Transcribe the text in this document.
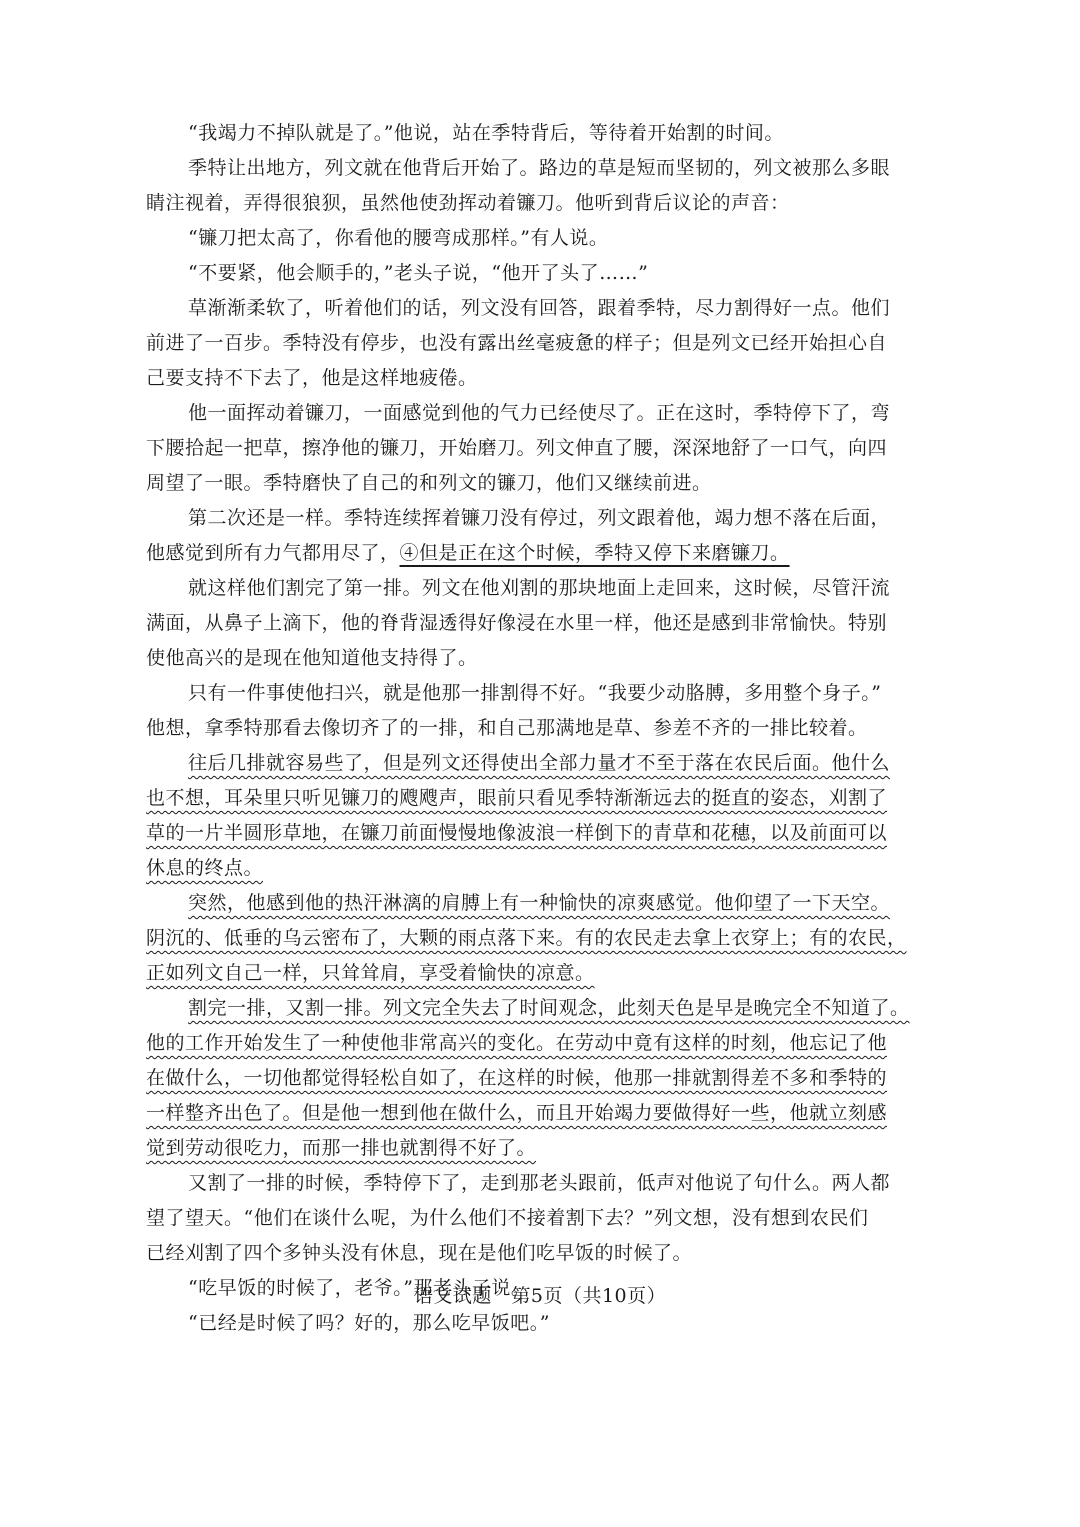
“我竭力不掉队就是了。”他说，站在季特背后，等待着开始割的时间。
季特让出地方，列文就在他背后开始了。路边的草是短而坚韧的，列文被那么多眼
睛注视着，弄得很狼狈，虽然他使劲挥动着镰刀。他听到背后议论的声音：
“镰刀把太高了，你看他的腰弯成那样。”有人说。
“不要紧，他会顺手的，”老头子说，“他开了头了……”
草渐渐柔软了，听着他们的话，列文没有回答，跟着季特，尽力割得好一点。他们
前进了一百步。季特没有停步，也没有露出丝毫疲惫的样子；但是列文已经开始担心自
己要支持不下去了，他是这样地疲倦。
他一面挥动着镰刀，一面感觉到他的气力已经使尽了。正在这时，季特停下了，弯
下腰拾起一把草，擦净他的镰刀，开始磨刀。列文伸直了腰，深深地舒了一口气，向四
周望了一眼。季特磨快了自己的和列文的镰刀，他们又继续前进。
第二次还是一样。季特连续挥着镰刀没有停过，列文跟着他，竭力想不落在后面，
他感觉到所有力气都用尽了，④但是正在这个时候，季特又停下来磨镰刀。
就这样他们割完了第一排。列文在他刈割的那块地面上走回来，这时候，尽管汗流
满面，从鼻子上滴下，他的脊背湿透得好像浸在水里一样，他还是感到非常愉快。特别
使他高兴的是现在他知道他支持得了。
只有一件事使他扫兴，就是他那一排割得不好。“我要少动胳膊，多用整个身子。”
他想，拿季特那看去像切齐了的一排，和自己那满地是草、参差不齐的一排比较着。
往后几排就容易些了，但是列文还得使出全部力量才不至于落在农民后面。他什么
也不想，耳朵里只听见镰刀的飕飕声，眼前只看见季特渐渐远去的挺直的姿态，刈割了
草的一片半圆形草地，在镰刀前面慢慢地像波浪一样倒下的青草和花穗，以及前面可以
休息的终点。
突然，他感到他的热汗淋漓的肩膊上有一种愉快的凉爽感觉。他仰望了一下天空。
阴沉的、低垂的乌云密布了，大颗的雨点落下来。有的农民走去拿上衣穿上；有的农民，
正如列文自己一样，只耸耸肩，享受着愉快的凉意。
割完一排，又割一排。列文完全失去了时间观念，此刻天色是早是晚完全不知道了。
他的工作开始发生了一种使他非常高兴的变化。在劳动中竟有这样的时刻，他忘记了他
在做什么，一切他都觉得轻松自如了，在这样的时候，他那一排就割得差不多和季特的
一样整齐出色了。但是他一想到他在做什么，而且开始竭力要做得好一些，他就立刻感
觉到劳动很吃力，而那一排也就割得不好了。
又割了一排的时候，季特停下了，走到那老头跟前，低声对他说了句什么。两人都
望了望天。“他们在谈什么呢，为什么他们不接着割下去？”列文想，没有想到农民们
已经刈割了四个多钟头没有休息，现在是他们吃早饭的时候了。
“吃早饭的时候了，老爷。”那老头子说。
“已经是时候了吗？好的，那么吃早饭吧。”
语文试题　第5页（共10页）
